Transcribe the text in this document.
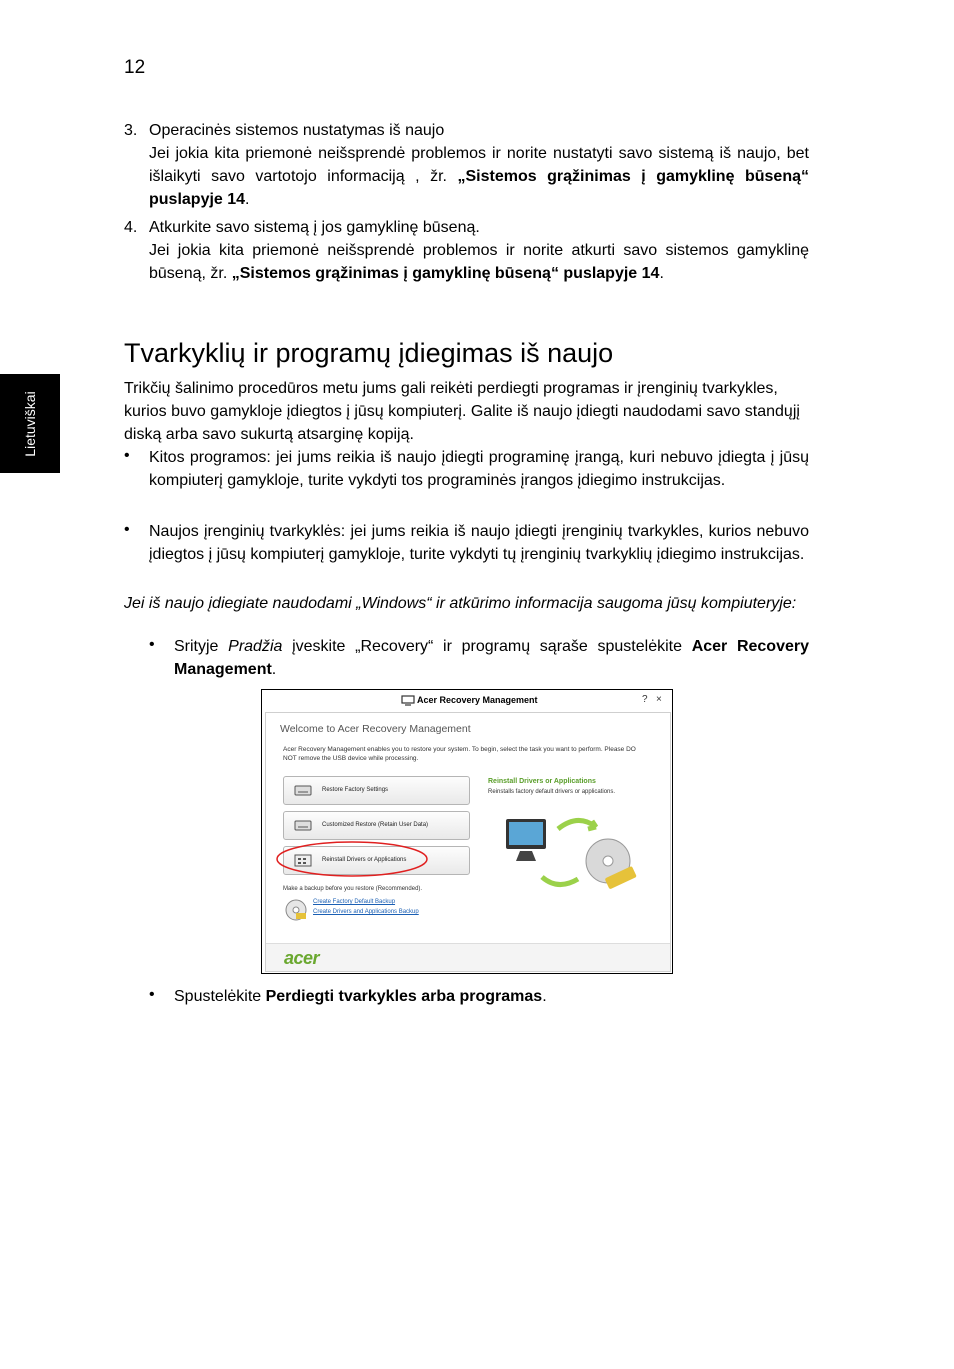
12
Lietuviškai
3. Operacinės sistemos nustatymas iš naujo
Jei jokia kita priemonė neišsprendė problemos ir norite nustatyti savo sistemą iš naujo, bet išlaikyti savo vartotojo informaciją , žr. „Sistemos grąžinimas į gamyklinę būseną“ puslapyje 14.
4. Atkurkite savo sistemą į jos gamyklinę būseną.
Jei jokia kita priemonė neišsprendė problemos ir norite atkurti savo sistemos gamyklinę būseną, žr. „Sistemos grąžinimas į gamyklinę būseną“ puslapyje 14.
Tvarkyklių ir programų įdiegimas iš naujo
Trikčių šalinimo procedūros metu jums gali reikėti perdiegti programas ir įrenginių tvarkykles, kurios buvo gamykloje įdiegtos į jūsų kompiuterį. Galite iš naujo įdiegti naudodami savo standųjį diską arba savo sukurtą atsarginę kopiją.
• Kitos programos: jei jums reikia iš naujo įdiegti programinę įrangą, kuri nebuvo įdiegta į jūsų kompiuterį gamykloje, turite vykdyti tos programinės įrangos įdiegimo instrukcijas.
• Naujos įrenginių tvarkyklės: jei jums reikia iš naujo įdiegti įrenginių tvarkykles, kurios nebuvo įdiegtos į jūsų kompiuterį gamykloje, turite vykdyti tų įrenginių tvarkyklių įdiegimo instrukcijas.
Jei iš naujo įdiegiate naudodami „Windows“ ir atkūrimo informacija saugoma jūsų kompiuteryje:
• Srityje Pradžia įveskite „Recovery“ ir programų sąraše spustelėkite Acer Recovery Management.
Acer Recovery Management	? ×
Welcome to Acer Recovery Management
Acer Recovery Management enables you to restore your system. To begin, select the task you want to perform. Please DO NOT remove the USB device while processing.
Restore Factory Settings
Customized Restore (Retain User Data)
Reinstall Drivers or Applications
Reinstall Drivers or Applications
Reinstalls factory default drivers or applications.
Make a backup before you restore (Recommended).
Create Factory Default Backup
Create Drivers and Applications Backup
acer
• Spustelėkite Perdiegti tvarkykles arba programas.
